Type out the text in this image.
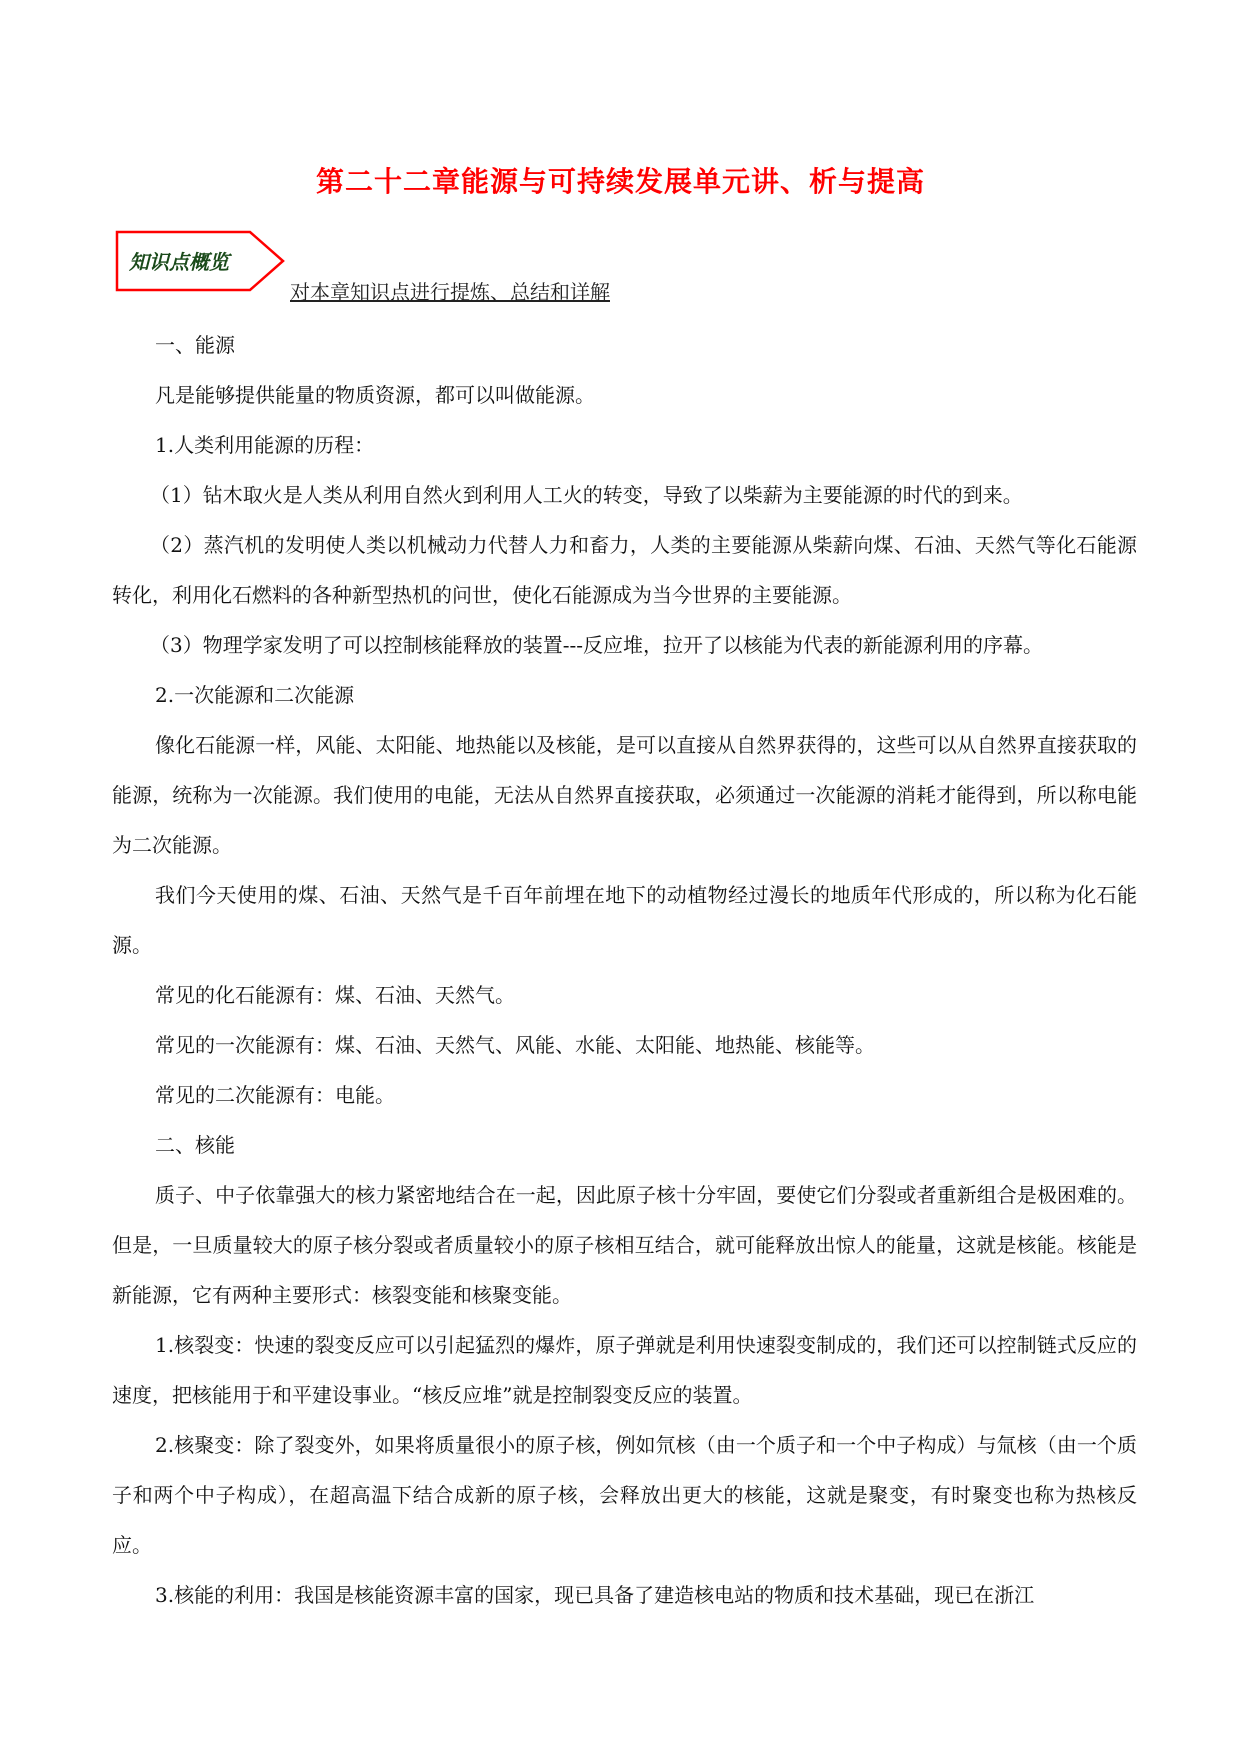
第二十二章能源与可持续发展单元讲、析与提高
知识点概览
对本章知识点进行提炼、总结和详解

一、能源

凡是能够提供能量的物质资源，都可以叫做能源。

1.人类利用能源的历程：

（1）钻木取火是人类从利用自然火到利用人工火的转变，导致了以柴薪为主要能源的时代的到来。

（2）蒸汽机的发明使人类以机械动力代替人力和畜力，人类的主要能源从柴薪向煤、石油、天然气等化石能源转化，利用化石燃料的各种新型热机的问世，使化石能源成为当今世界的主要能源。

（3）物理学家发明了可以控制核能释放的装置---反应堆，拉开了以核能为代表的新能源利用的序幕。

2.一次能源和二次能源

像化石能源一样，风能、太阳能、地热能以及核能，是可以直接从自然界获得的，这些可以从自然界直接获取的能源，统称为一次能源。我们使用的电能，无法从自然界直接获取，必须通过一次能源的消耗才能得到，所以称电能为二次能源。

我们今天使用的煤、石油、天然气是千百年前埋在地下的动植物经过漫长的地质年代形成的，所以称为化石能源。

常见的化石能源有：煤、石油、天然气。

常见的一次能源有：煤、石油、天然气、风能、水能、太阳能、地热能、核能等。

常见的二次能源有：电能。

二、核能

质子、中子依靠强大的核力紧密地结合在一起，因此原子核十分牢固，要使它们分裂或者重新组合是极困难的。但是，一旦质量较大的原子核分裂或者质量较小的原子核相互结合，就可能释放出惊人的能量，这就是核能。核能是新能源，它有两种主要形式：核裂变能和核聚变能。

1.核裂变：快速的裂变反应可以引起猛烈的爆炸，原子弹就是利用快速裂变制成的，我们还可以控制链式反应的速度，把核能用于和平建设事业。“核反应堆”就是控制裂变反应的装置。

2.核聚变：除了裂变外，如果将质量很小的原子核，例如氘核（由一个质子和一个中子构成）与氚核（由一个质子和两个中子构成），在超高温下结合成新的原子核，会释放出更大的核能，这就是聚变，有时聚变也称为热核反应。

3.核能的利用：我国是核能资源丰富的国家，现已具备了建造核电站的物质和技术基础，现已在浙江
